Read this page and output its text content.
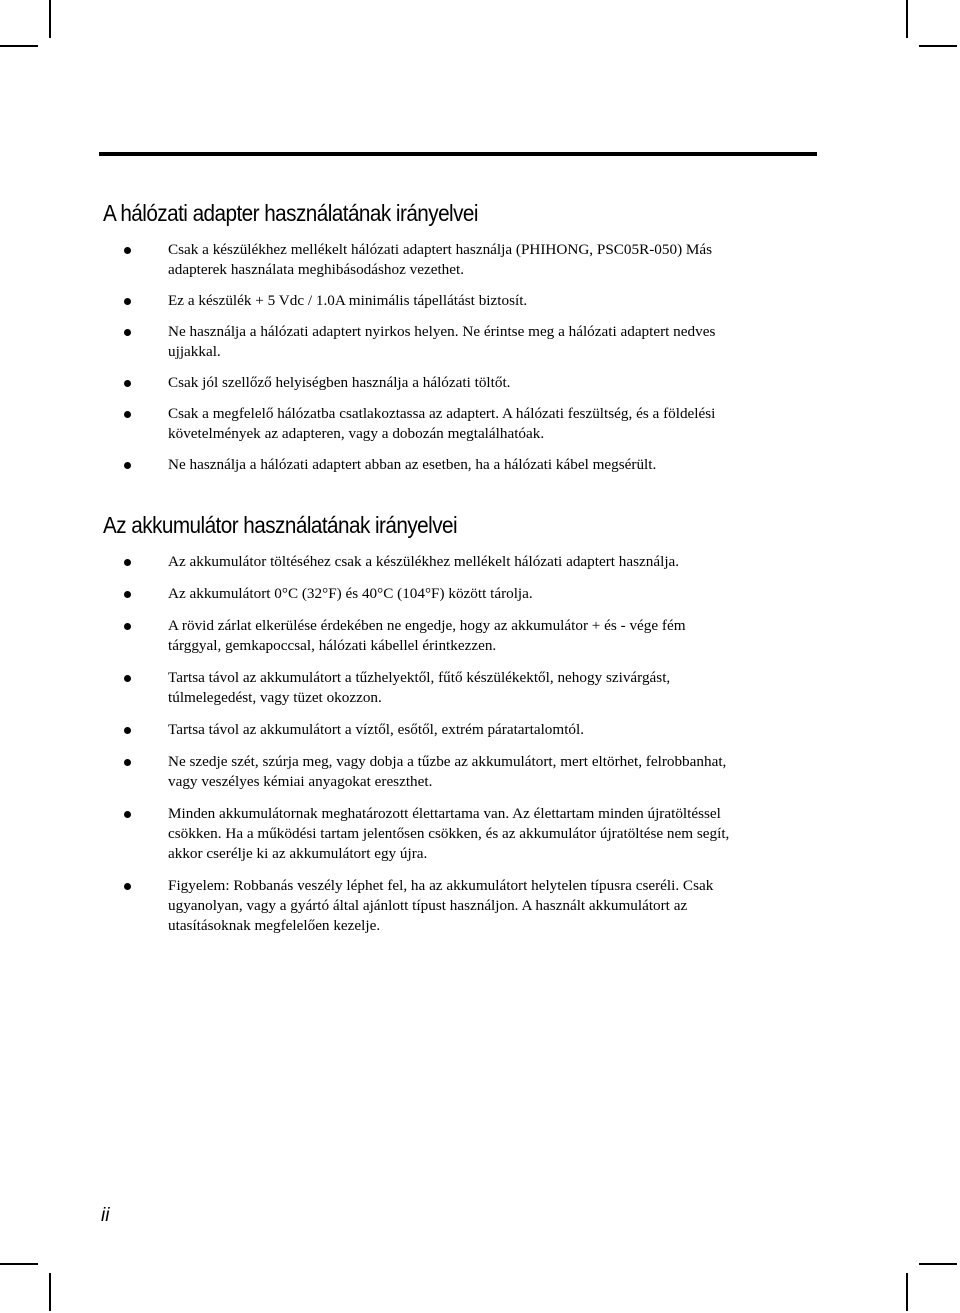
A hálózati adapter használatának irányelvei
Csak a készülékhez mellékelt hálózati adaptert használja (PHIHONG, PSC05R-050) Más
adapterek használata meghibásodáshoz vezethet.
Ez a készülék + 5 Vdc / 1.0A minimális tápellátást biztosít.
Ne használja a hálózati adaptert nyirkos helyen. Ne érintse meg a hálózati adaptert nedves
ujjakkal.
Csak jól szellőző helyiségben használja a hálózati töltőt.
Csak a megfelelő hálózatba csatlakoztassa az adaptert. A hálózati feszültség, és a földelési
követelmények az adapteren, vagy a dobozán megtalálhatóak.
Ne használja a hálózati adaptert abban az esetben, ha a hálózati kábel megsérült.
Az akkumulátor használatának irányelvei
Az akkumulátor töltéséhez csak a készülékhez mellékelt hálózati adaptert használja.
Az akkumulátort 0°C (32°F) és 40°C (104°F) között tárolja.
A rövid zárlat elkerülése érdekében ne engedje, hogy az akkumulátor + és - vége fém
tárggyal, gemkapoccsal, hálózati kábellel érintkezzen.
Tartsa távol az akkumulátort a tűzhelyektől, fűtő készülékektől, nehogy szivárgást,
túlmelegedést, vagy tüzet okozzon.
Tartsa távol az akkumulátort a víztől, esőtől, extrém páratartalomtól.
Ne szedje szét, szúrja meg, vagy dobja a tűzbe az akkumulátort, mert eltörhet, felrobbanhat,
vagy veszélyes kémiai anyagokat ereszthet.
Minden akkumulátornak meghatározott élettartama van. Az élettartam minden újratöltéssel
csökken. Ha a működési tartam jelentősen csökken, és az akkumulátor újratöltése nem segít,
akkor cserélje ki az akkumulátort egy újra.
Figyelem: Robbanás veszély léphet fel, ha az akkumulátort helytelen típusra cseréli. Csak
ugyanolyan, vagy a gyártó által ajánlott típust használjon. A használt akkumulátort az
utasításoknak megfelelően kezelje.
ii
